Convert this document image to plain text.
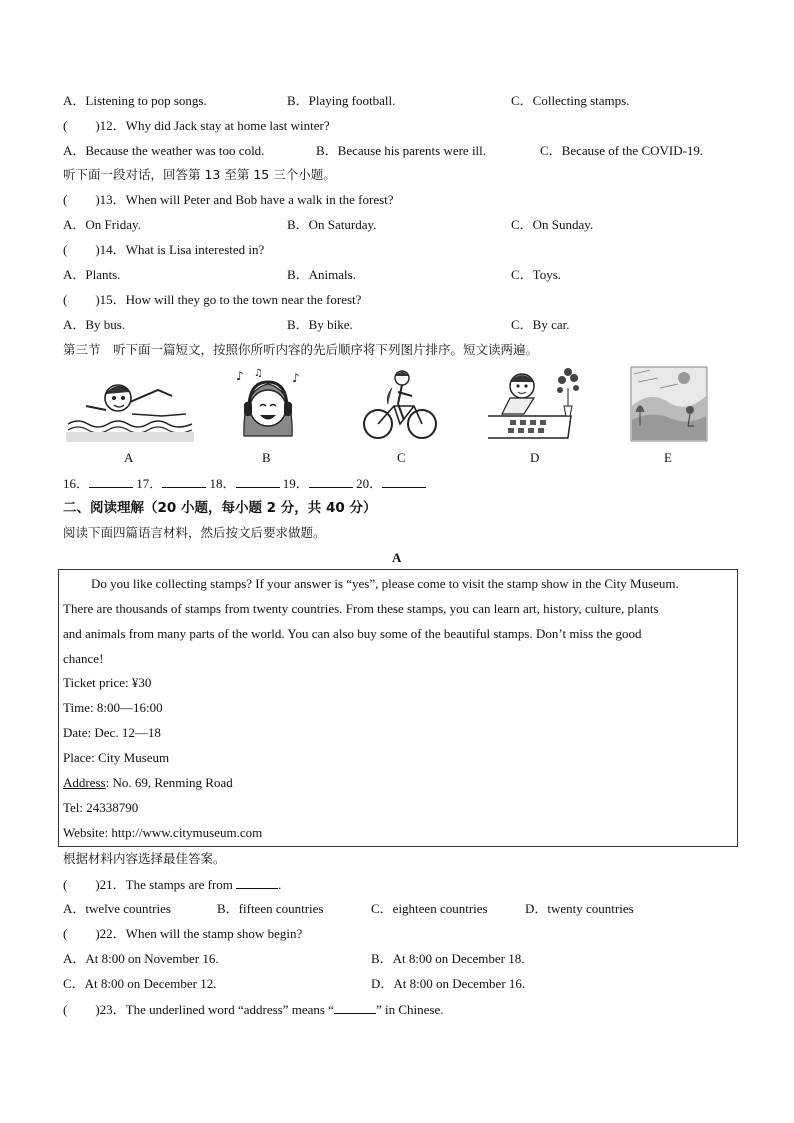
A．Listening to pop songs.	B．Playing football.	C．Collecting stamps.
( )12．Why did Jack stay at home last winter?
A．Because the weather was too cold.	B．Because his parents were ill.	C．Because of the COVID-19.
听下面一段对话，回答第 13 至第 15 三个小题。
( )13．When will Peter and Bob have a walk in the forest?
A．On Friday.	B．On Saturday.	C．On Sunday.
( )14．What is Lisa interested in?
A．Plants.	B．Animals.	C．Toys.
( )15．How will they go to the town near the forest?
A．By bus.	B．By bike.	C．By car.
第三节　听下面一篇短文，按照你所听内容的先后顺序将下列图片排序。短文读两遍。
♪	♪
♫
A	B	C	D	E
16．	17．	18．	19．	20．
二、阅读理解（20 小题，每小题 2 分，共 40 分）
阅读下面四篇语言材料，然后按文后要求做题。
A
Do you like collecting stamps? If your answer is “yes”, please come to visit the stamp show in the City Museum.
There are thousands of stamps from twenty countries. From these stamps, you can learn art, history, culture, plants
and animals from many parts of the world. You can also buy some of the beautiful stamps. Don’t miss the good
chance!
Ticket price: ¥30
Time: 8:00—16:00
Date: Dec. 12—18
Place: City Museum
Address: No. 69, Renming Road
Tel: 24338790
Website: http://www.citymuseum.com
根据材料内容选择最佳答案。
( )21．The stamps are from	.
A．twelve countries	B．fifteen countries	C．eighteen countries	D．twenty countries
( )22．When will the stamp show begin?
A．At 8:00 on November 16.	B．At 8:00 on December 18.
C．At 8:00 on December 12.	D．At 8:00 on December 16.
( )23．The underlined word “address” means “	” in Chinese.
